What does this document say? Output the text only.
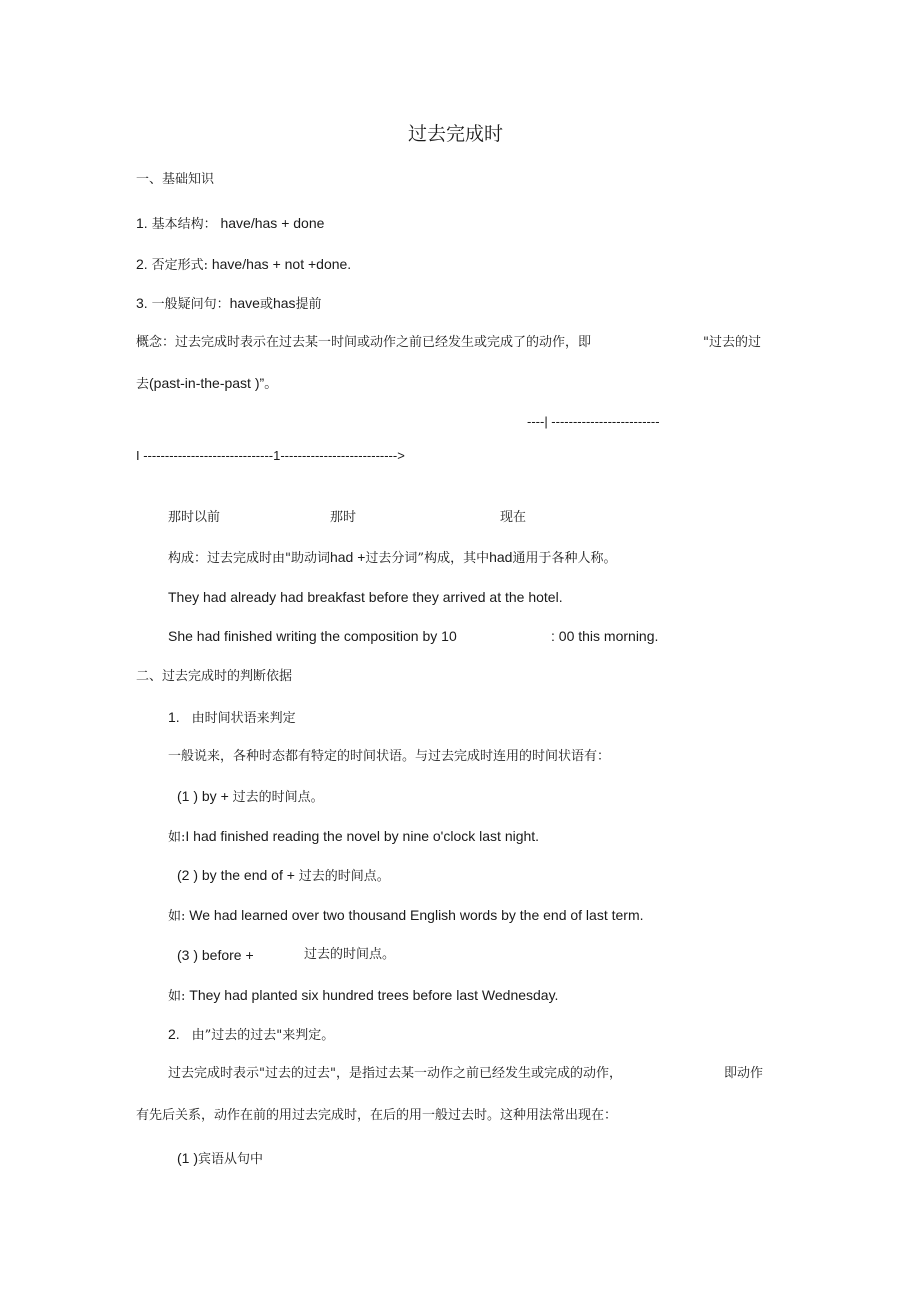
过去完成时
一、基础知识
1. 基本结构： have/has + done
2. 否定形式: have/has + not +done.
3. 一般疑问句：have或has提前
概念：过去完成时表示在过去某一时间或动作之前已经发生或完成了的动作，即	"过去的过
去(past-in-the-past )”。
----| -------------------------
I ------------------------------1--------------------------->
那时以前	那时	现在
构成：过去完成时由"助动词had +过去分词”构成，其中had通用于各种人称。
They had already had breakfast before they arrived at the hotel.
She had finished writing the composition by 10	: 00 this morning.
二、过去完成时的判断依据
1. 由时间状语来判定
一般说来，各种时态都有特定的时间状语。与过去完成时连用的时间状语有：
(1 ) by + 过去的时间点。
如:I had finished reading the novel by nine o'clock last night.
(2 ) by the end of + 过去的时间点。
如: We had learned over two thousand English words by the end of last term.
(3 ) before +	过去的时间点。
如: They had planted six hundred trees before last Wednesday.
2. 由”过去的过去"来判定。
过去完成时表示"过去的过去"，是指过去某一动作之前已经发生或完成的动作，	即动作
有先后关系，动作在前的用过去完成时，在后的用一般过去时。这种用法常出现在：
(1 )宾语从句中
